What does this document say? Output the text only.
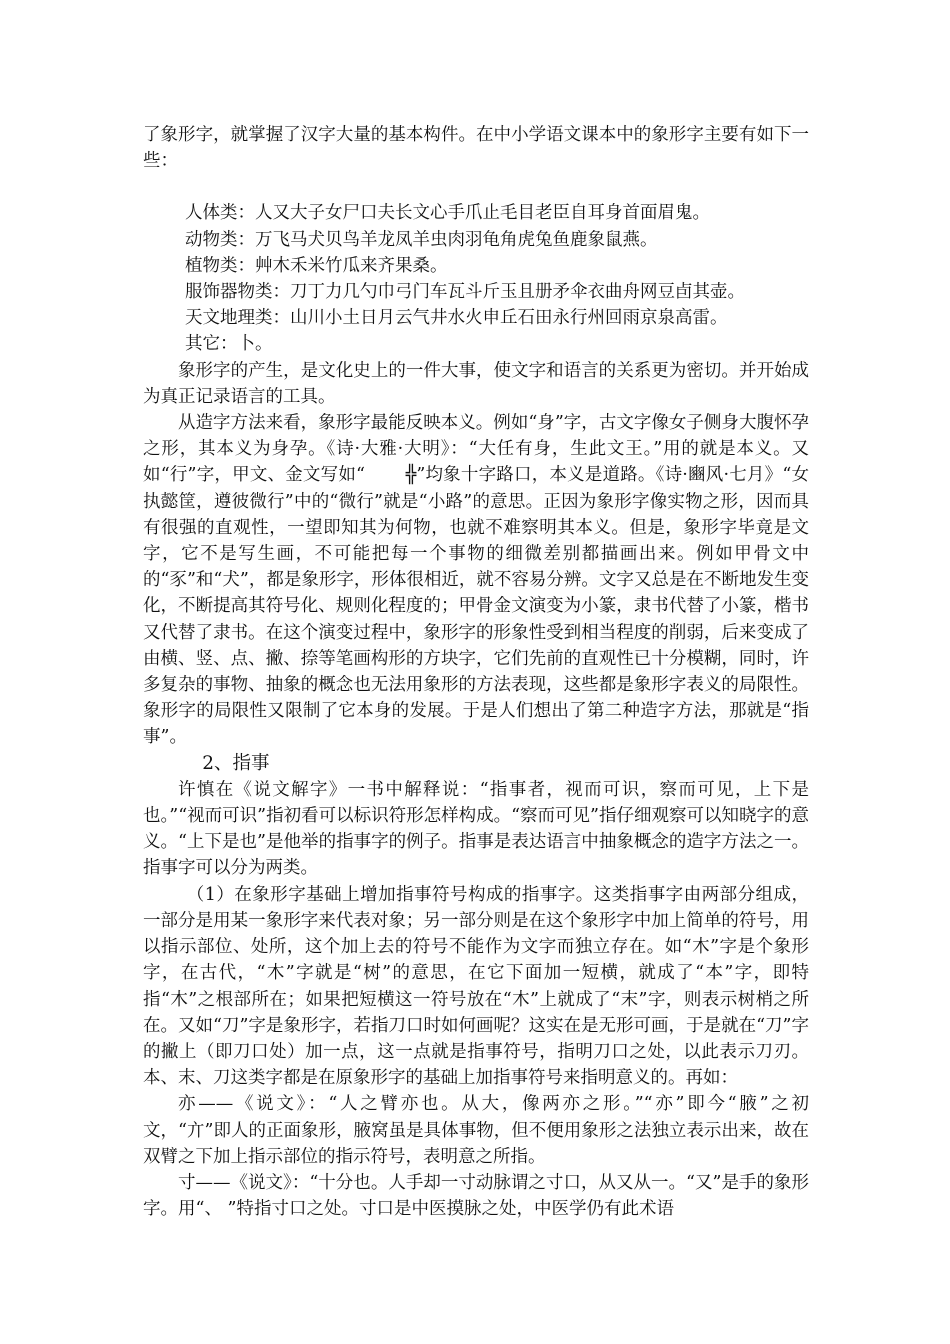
了象形字，就掌握了汉字大量的基本构件。在中小学语文课本中的象形字主要有如下一些：

人体类：人又大子女尸口夫长文心手爪止毛目老臣自耳身首面眉鬼。
动物类：万飞马犬贝鸟羊龙凤羊虫肉羽龟角虎兔鱼鹿象鼠燕。
植物类：艸木禾米竹瓜来齐果桑。
服饰器物类：刀丁力几勺巾弓门车瓦斗斤玉且册矛伞衣曲舟网豆卣其壶。
天文地理类：山川小土日月云气井水火申丘石田永行州回雨京泉高雷。
其它：卜。

象形字的产生，是文化史上的一件大事，使文字和语言的关系更为密切。并开始成为真正记录语言的工具。

从造字方法来看，象形字最能反映本义。例如“身”字，古文字像女子侧身大腹怀孕之形，其本义为身孕。《诗·大雅·大明》：“大任有身，生此文王。”用的就是本义。又如“行”字，甲文、金文写如“ ╬”均象十字路口，本义是道路。《诗·豳风·七月》“女执懿筐，遵彼微行”中的“微行”就是“小路”的意思。正因为象形字像实物之形，因而具有很强的直观性，一望即知其为何物，也就不难察明其本义。但是，象形字毕竟是文字，它不是写生画，不可能把每一个事物的细微差别都描画出来。例如甲骨文中的“豕”和“犬”，都是象形字，形体很相近，就不容易分辨。文字又总是在不断地发生变化，不断提高其符号化、规则化程度的；甲骨金文演变为小篆，隶书代替了小篆，楷书又代替了隶书。在这个演变过程中，象形字的形象性受到相当程度的削弱，后来变成了由横、竖、点、撇、捺等笔画构形的方块字，它们先前的直观性已十分模糊，同时，许多复杂的事物、抽象的概念也无法用象形的方法表现，这些都是象形字表义的局限性。象形字的局限性又限制了它本身的发展。于是人们想出了第二种造字方法，那就是“指事”。

2、指事

许慎在《说文解字》一书中解释说：“指事者，视而可识，察而可见，上下是也。”“视而可识”指初看可以标识符形怎样构成。“察而可见”指仔细观察可以知晓字的意义。“上下是也”是他举的指事字的例子。指事是表达语言中抽象概念的造字方法之一。指事字可以分为两类。

（1）在象形字基础上增加指事符号构成的指事字。这类指事字由两部分组成，一部分是用某一象形字来代表对象；另一部分则是在这个象形字中加上简单的符号，用以指示部位、处所，这个加上去的符号不能作为文字而独立存在。如“木”字是个象形字，在古代，“木”字就是“树”的意思，在它下面加一短横，就成了“本”字，即特指“木”之根部所在；如果把短横这一符号放在“木”上就成了“末”字，则表示树梢之所在。又如“刀”字是象形字，若指刀口时如何画呢？这实在是无形可画，于是就在“刀”字的撇上（即刀口处）加一点，这一点就是指事符号，指明刀口之处，以此表示刀刃。本、末、刀这类字都是在原象形字的基础上加指事符号来指明意义的。再如：

亦——《说文》：“人之臂亦也。从大，像两亦之形。”“亦”即今“腋”之初文，“亣”即人的正面象形，腋窝虽是具体事物，但不便用象形之法独立表示出来，故在双臂之下加上指示部位的指示符号，表明意之所指。

寸——《说文》：“十分也。人手却一寸动脉谓之寸口，从又从一。“又”是手的象形字。用“、 ”特指寸口之处。寸口是中医摸脉之处，中医学仍有此术语
